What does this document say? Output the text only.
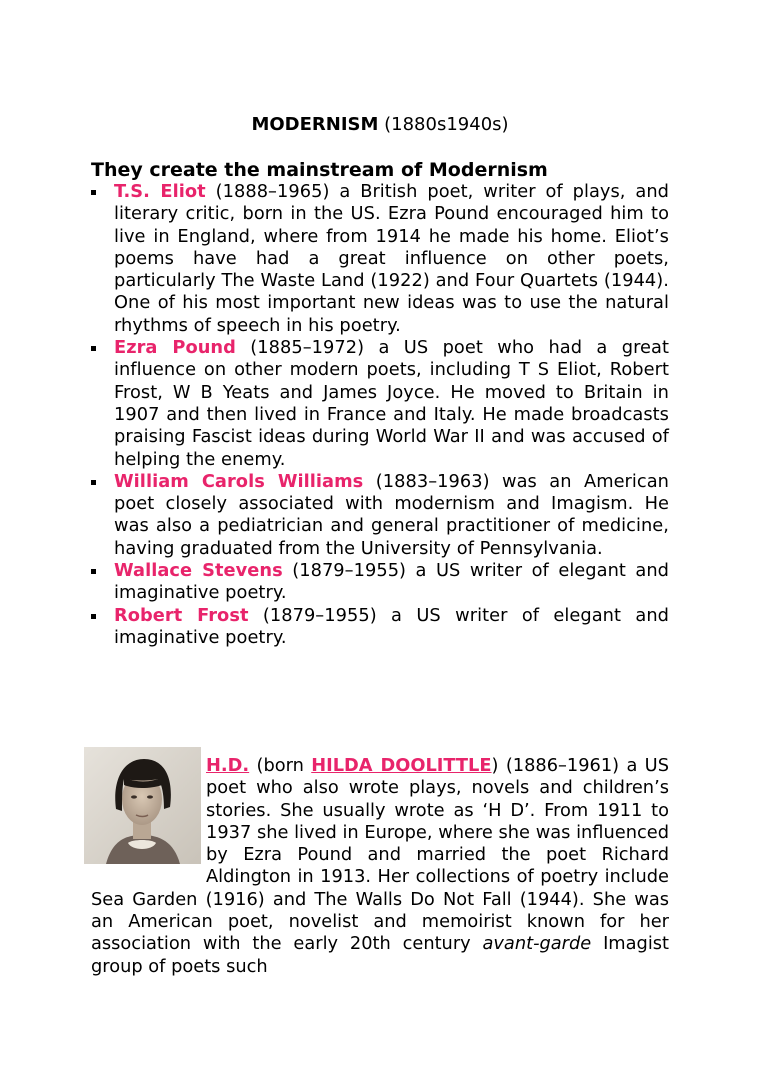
MODERNISM (1880s1940s)
They create the mainstream of Modernism
T.S. Eliot (1888–1965) a British poet, writer of plays, and literary critic, born in the US. Ezra Pound encouraged him to live in England, where from 1914 he made his home. Eliot’s poems have had a great influence on other poets, particularly The Waste Land (1922) and Four Quartets (1944). One of his most important new ideas was to use the natural rhythms of speech in his poetry.
Ezra Pound (1885–1972) a US poet who had a great influence on other modern poets, including T S Eliot, Robert Frost, W B Yeats and James Joyce. He moved to Britain in 1907 and then lived in France and Italy. He made broadcasts praising Fascist ideas during World War II and was accused of helping the enemy.
William Carols Williams (1883–1963) was an American poet closely associated with modernism and Imagism. He was also a pediatrician and general practitioner of medicine, having graduated from the University of Pennsylvania.
Wallace Stevens (1879–1955) a US writer of elegant and imaginative poetry.
Robert Frost (1879–1955) a US writer of elegant and imaginative poetry.
H.D. (born HILDA DOOLITTLE) (1886–1961) a US poet who also wrote plays, novels and children’s stories. She usually wrote as ‘H D’. From 1911 to 1937 she lived in Europe, where she was influenced by Ezra Pound and married the poet Richard Aldington in 1913. Her collections of poetry include Sea Garden (1916) and The Walls Do Not Fall (1944). She was an American poet, novelist and memoirist known for her association with the early 20th century avant-garde Imagist group of poets such
